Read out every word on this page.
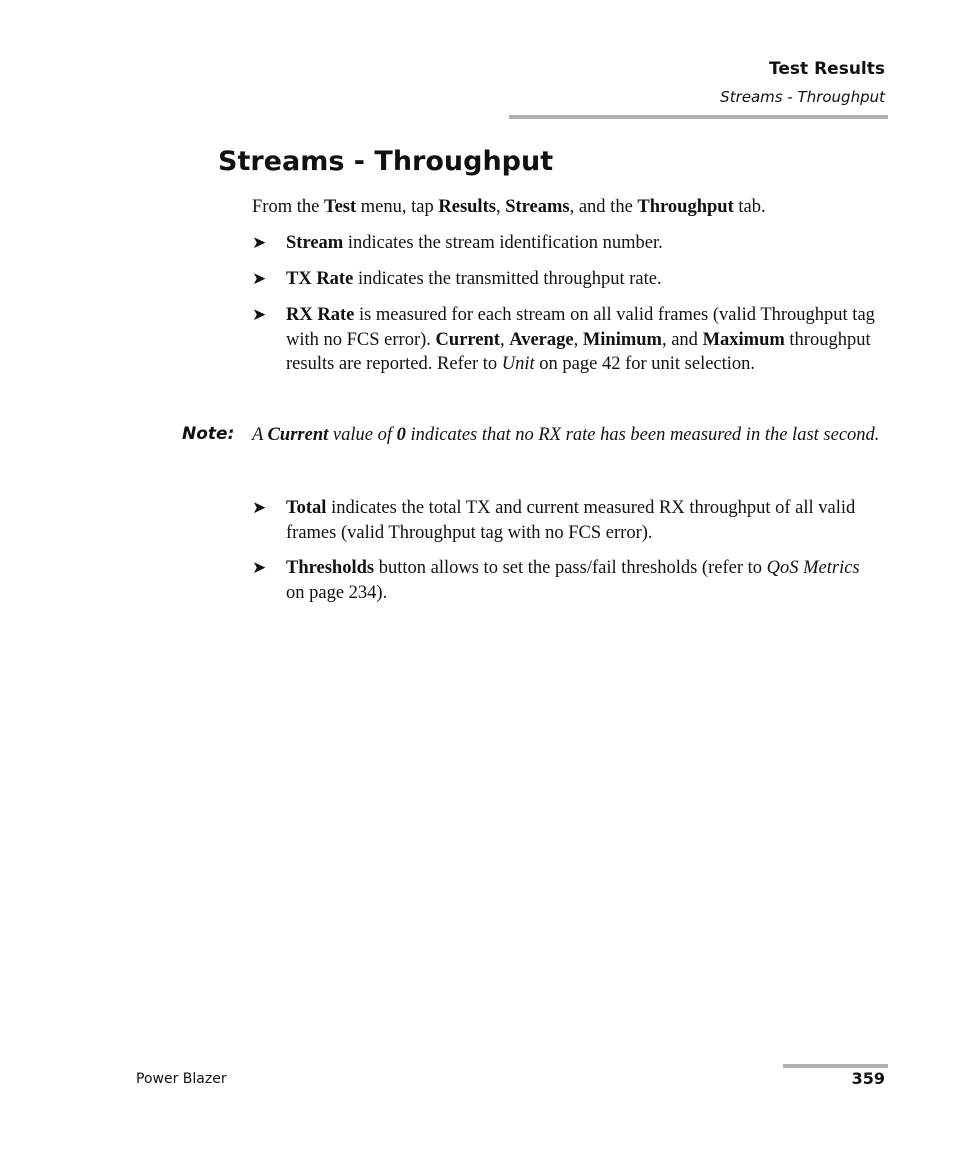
Test Results
Streams - Throughput
Streams - Throughput

From the Test menu, tap Results, Streams, and the Throughput tab.

➤ Stream indicates the stream identification number.
➤ TX Rate indicates the transmitted throughput rate.
➤ RX Rate is measured for each stream on all valid frames (valid Throughput tag with no FCS error). Current, Average, Minimum, and Maximum throughput results are reported. Refer to Unit on page 42 for unit selection.
Note: A Current value of 0 indicates that no RX rate has been measured in the last second.
➤ Total indicates the total TX and current measured RX throughput of all valid frames (valid Throughput tag with no FCS error).
➤ Thresholds button allows to set the pass/fail thresholds (refer to QoS Metrics on page 234).
Power Blazer	359
